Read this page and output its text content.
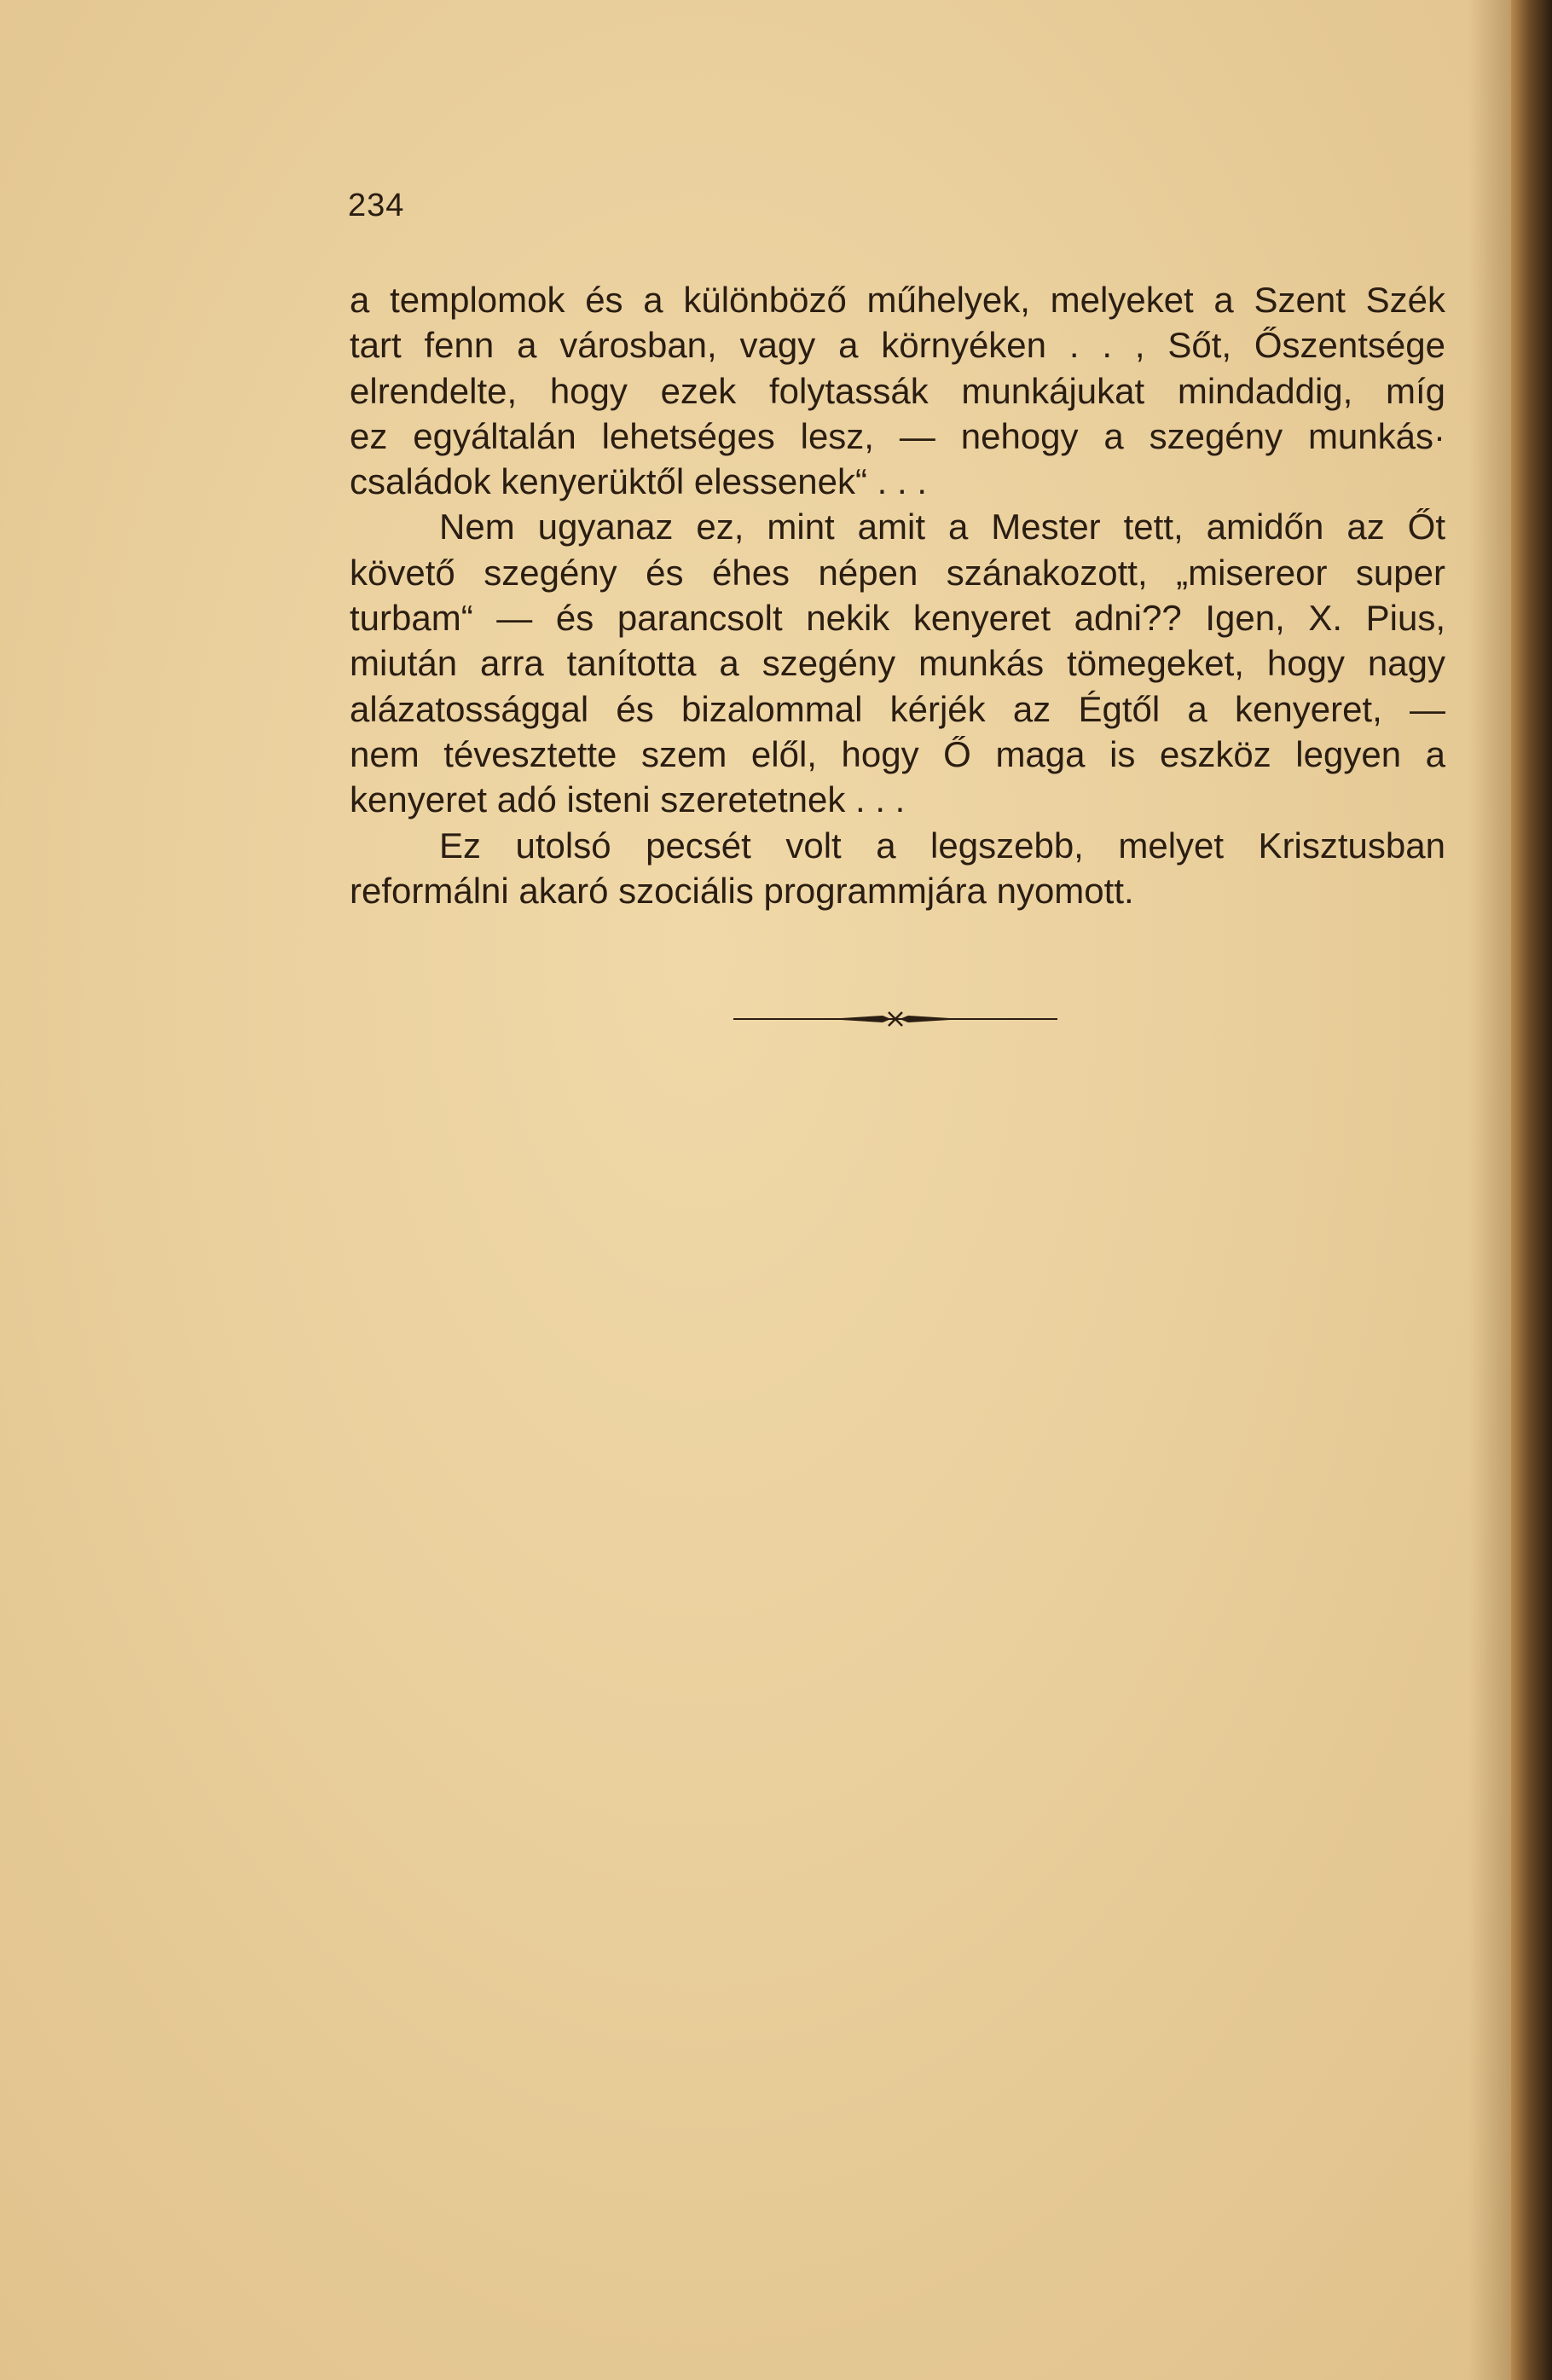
234
a templomok és a különböző műhelyek, melyeket a Szent Szék
tart fenn a városban, vagy a környéken . . , Sőt, Őszentsége
elrendelte, hogy ezek folytassák munkájukat mindaddig, míg
ez egyáltalán lehetséges lesz, — nehogy a szegény munkás·
családok kenyerüktől elessenek“ . . .
Nem ugyanaz ez, mint amit a Mester tett, amidőn az Őt
követő szegény és éhes népen szánakozott, „misereor super
turbam“ — és parancsolt nekik kenyeret adni?? Igen, X. Pius,
miután arra tanította a szegény munkás tömegeket, hogy nagy
alázatossággal és bizalommal kérjék az Égtől a kenyeret, —
nem tévesztette szem elől, hogy Ő maga is eszköz legyen a
kenyeret adó isteni szeretetnek . . .
Ez utolsó pecsét volt a legszebb, melyet Krisztusban
reformálni akaró szociális programmjára nyomott.
